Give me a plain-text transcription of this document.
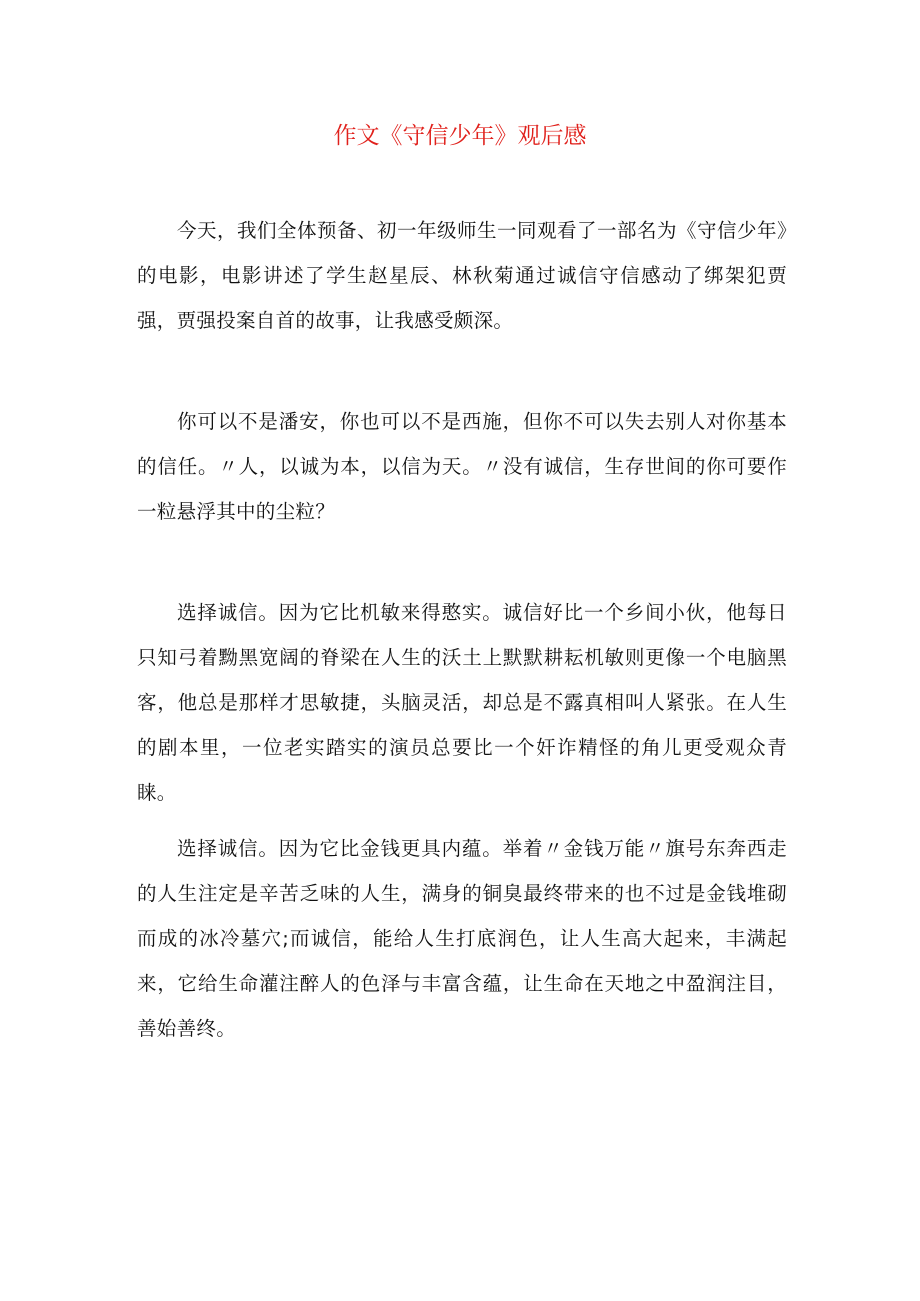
作文《守信少年》观后感

今天，我们全体预备、初一年级师生一同观看了一部名为《守信少年》的电影，电影讲述了学生赵星辰、林秋菊通过诚信守信感动了绑架犯贾强，贾强投案自首的故事，让我感受颇深。

你可以不是潘安，你也可以不是西施，但你不可以失去别人对你基本的信任。〃人，以诚为本，以信为天。〃没有诚信，生存世间的你可要作一粒悬浮其中的尘粒？

选择诚信。因为它比机敏来得憨实。诚信好比一个乡间小伙，他每日只知弓着黝黑宽阔的脊梁在人生的沃土上默默耕耘机敏则更像一个电脑黑客，他总是那样才思敏捷，头脑灵活，却总是不露真相叫人紧张。在人生的剧本里，一位老实踏实的演员总要比一个奸诈精怪的角儿更受观众青睐。

选择诚信。因为它比金钱更具内蕴。举着〃金钱万能〃旗号东奔西走的人生注定是辛苦乏味的人生，满身的铜臭最终带来的也不过是金钱堆砌而成的冰冷墓穴;而诚信，能给人生打底润色，让人生高大起来，丰满起来，它给生命灌注醉人的色泽与丰富含蕴，让生命在天地之中盈润注目，善始善终。
